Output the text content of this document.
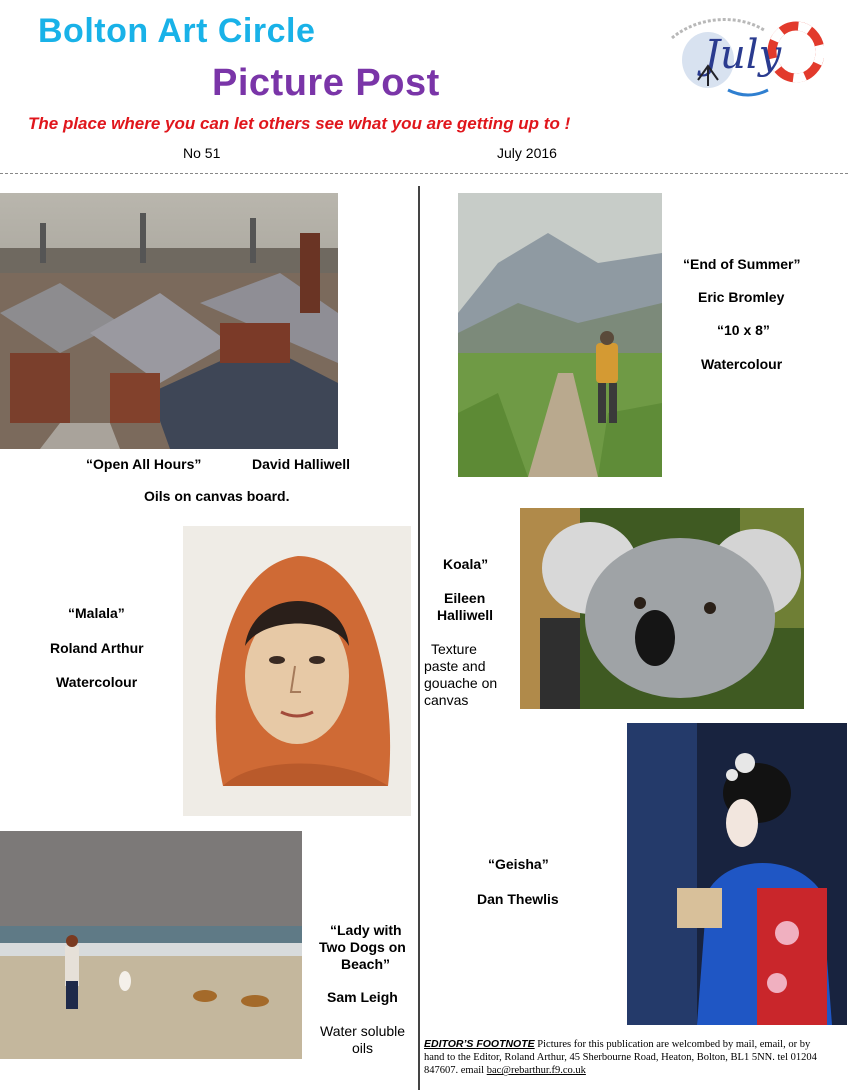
Bolton Art Circle
Picture Post
The place where you can let others see what you are getting up to !
No 51	July 2016
July
“Open All Hours”	David Halliwell
Oils on canvas board.
“End of Summer”
Eric Bromley
“10 x 8”
Watercolour
“Malala”
Roland Arthur
Watercolour
Koala”
Eileen
Halliwell
Texture
paste and
gouache on
canvas
“Geisha”
Dan Thewlis
“Lady with
Two Dogs on
Beach”
Sam Leigh
Water soluble
oils	EDITOR’S FOOTNOTE Pictures for this publication are welcombed by mail, email, or by hand to the Editor, Roland Arthur, 45 Sherbourne Road, Heaton, Bolton, BL1 5NN. tel 01204 847607. email bac@rebarthur.f9.co.uk
